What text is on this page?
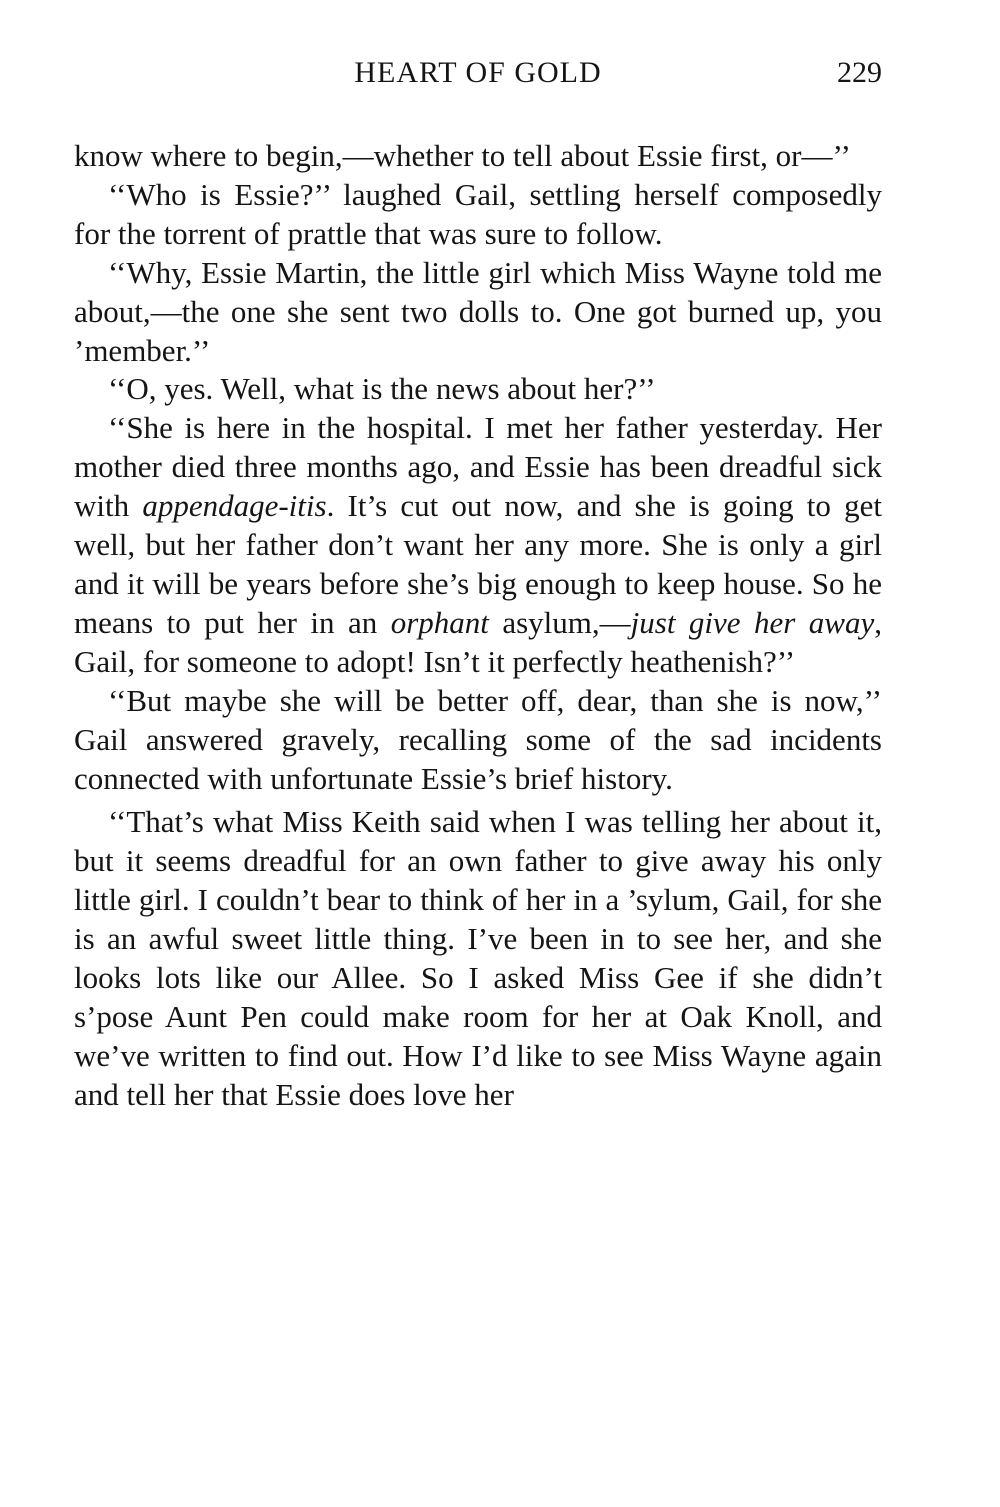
HEART OF GOLD	229

know where to begin,—whether to tell about Essie first, or—’’

‘‘Who is Essie?’’ laughed Gail, settling herself composedly for the torrent of prattle that was sure to follow.

‘‘Why, Essie Martin, the little girl which Miss Wayne told me about,—the one she sent two dolls to. One got burned up, you ’member.’’

‘‘O, yes. Well, what is the news about her?’’

‘‘She is here in the hospital. I met her father yesterday. Her mother died three months ago, and Essie has been dreadful sick with appendage-itis. It’s cut out now, and she is going to get well, but her father don’t want her any more. She is only a girl and it will be years before she’s big enough to keep house. So he means to put her in an orphant asylum,—just give her away, Gail, for someone to adopt! Isn’t it perfectly heathenish?’’

‘‘But maybe she will be better off, dear, than she is now,’’ Gail answered gravely, recalling some of the sad incidents connected with unfortunate Essie’s brief history.

‘‘That’s what Miss Keith said when I was telling her about it, but it seems dreadful for an own father to give away his only little girl. I couldn’t bear to think of her in a ’sylum, Gail, for she is an awful sweet little thing. I’ve been in to see her, and she looks lots like our Allee. So I asked Miss Gee if she didn’t s’pose Aunt Pen could make room for her at Oak Knoll, and we’ve written to find out. How I’d like to see Miss Wayne again and tell her that Essie does love her
